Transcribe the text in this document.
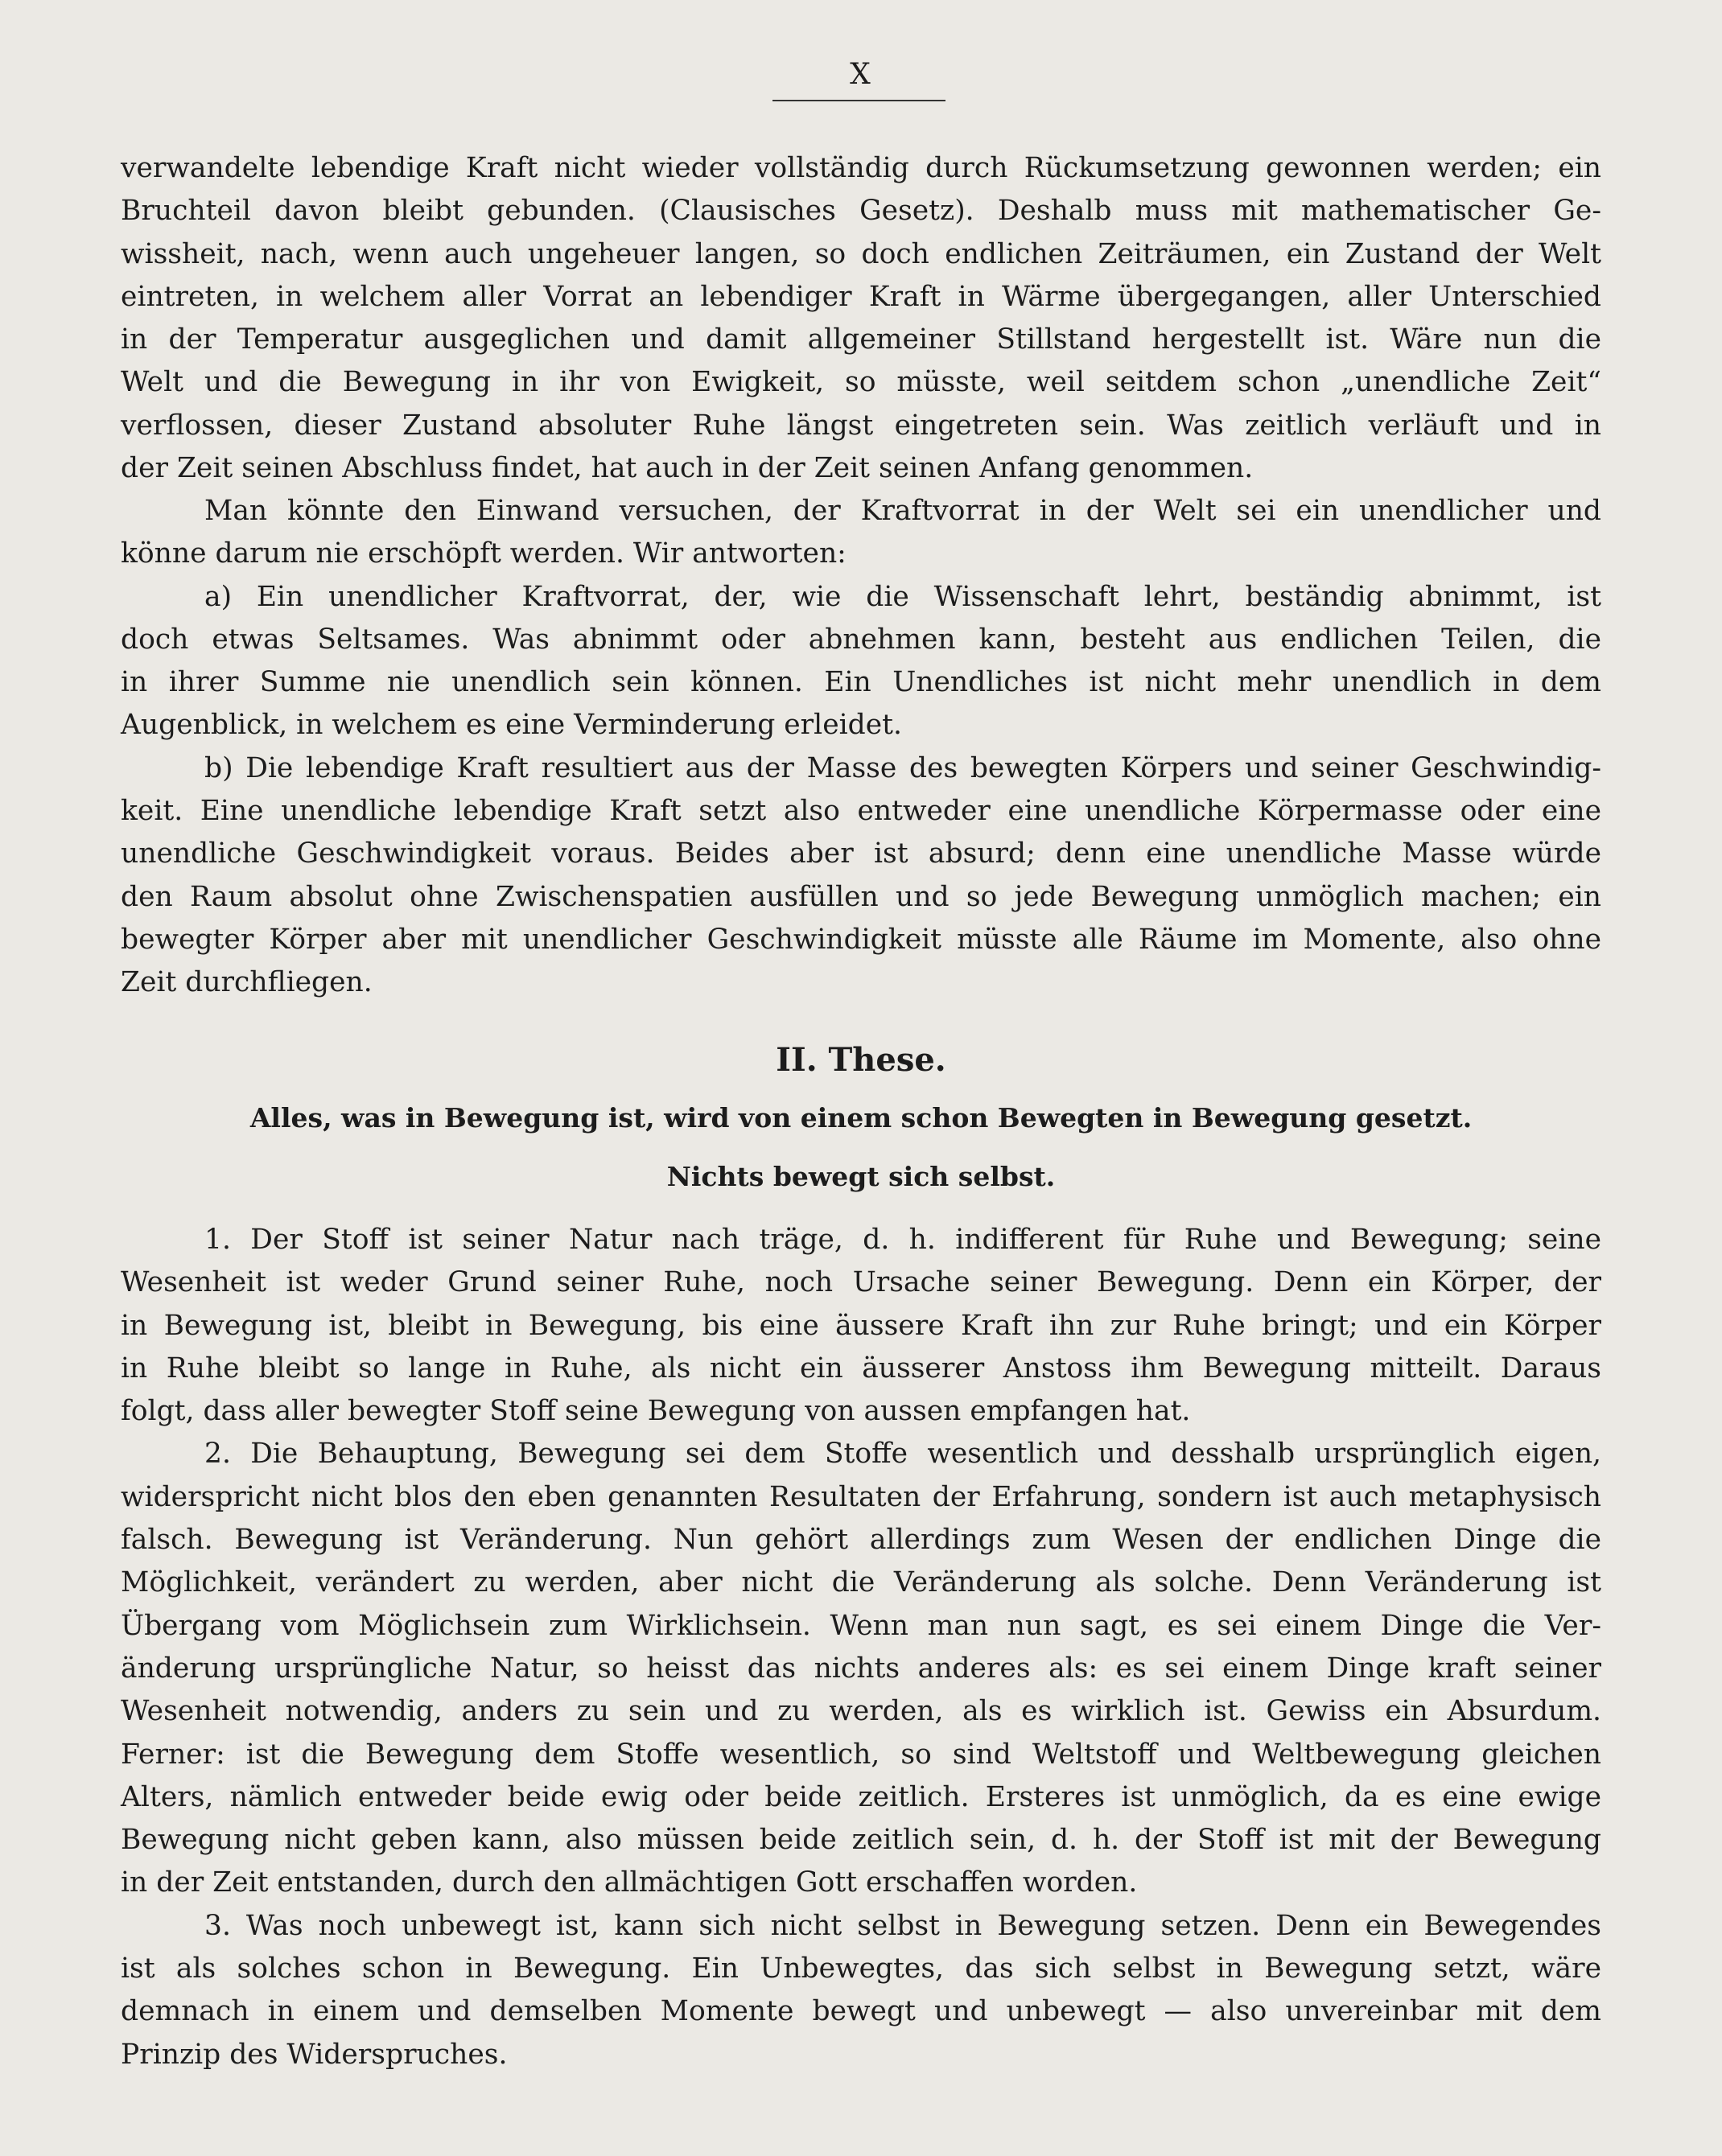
X
verwandelte lebendige Kraft nicht wieder vollständig durch Rückumsetzung gewonnen werden; ein
Bruchteil davon bleibt gebunden. (Clausisches Gesetz). Deshalb muss mit mathematischer Ge-
wissheit, nach, wenn auch ungeheuer langen, so doch endlichen Zeiträumen, ein Zustand der Welt
eintreten, in welchem aller Vorrat an lebendiger Kraft in Wärme übergegangen, aller Unterschied
in der Temperatur ausgeglichen und damit allgemeiner Stillstand hergestellt ist. Wäre nun die
Welt und die Bewegung in ihr von Ewigkeit, so müsste, weil seitdem schon „unendliche Zeit“
verflossen, dieser Zustand absoluter Ruhe längst eingetreten sein. Was zeitlich verläuft und in
der Zeit seinen Abschluss findet, hat auch in der Zeit seinen Anfang genommen.
Man könnte den Einwand versuchen, der Kraftvorrat in der Welt sei ein unendlicher und
könne darum nie erschöpft werden. Wir antworten:
a) Ein unendlicher Kraftvorrat, der, wie die Wissenschaft lehrt, beständig abnimmt, ist
doch etwas Seltsames. Was abnimmt oder abnehmen kann, besteht aus endlichen Teilen, die
in ihrer Summe nie unendlich sein können. Ein Unendliches ist nicht mehr unendlich in dem
Augenblick, in welchem es eine Verminderung erleidet.
b) Die lebendige Kraft resultiert aus der Masse des bewegten Körpers und seiner Geschwindig-
keit. Eine unendliche lebendige Kraft setzt also entweder eine unendliche Körpermasse oder eine
unendliche Geschwindigkeit voraus. Beides aber ist absurd; denn eine unendliche Masse würde
den Raum absolut ohne Zwischenspatien ausfüllen und so jede Bewegung unmöglich machen; ein
bewegter Körper aber mit unendlicher Geschwindigkeit müsste alle Räume im Momente, also ohne
Zeit durchfliegen.
II. These.
Alles, was in Bewegung ist, wird von einem schon Bewegten in Bewegung gesetzt.
Nichts bewegt sich selbst.
1. Der Stoff ist seiner Natur nach träge, d. h. indifferent für Ruhe und Bewegung; seine
Wesenheit ist weder Grund seiner Ruhe, noch Ursache seiner Bewegung. Denn ein Körper, der
in Bewegung ist, bleibt in Bewegung, bis eine äussere Kraft ihn zur Ruhe bringt; und ein Körper
in Ruhe bleibt so lange in Ruhe, als nicht ein äusserer Anstoss ihm Bewegung mitteilt. Daraus
folgt, dass aller bewegter Stoff seine Bewegung von aussen empfangen hat.
2. Die Behauptung, Bewegung sei dem Stoffe wesentlich und desshalb ursprünglich eigen,
widerspricht nicht blos den eben genannten Resultaten der Erfahrung, sondern ist auch metaphysisch
falsch. Bewegung ist Veränderung. Nun gehört allerdings zum Wesen der endlichen Dinge die
Möglichkeit, verändert zu werden, aber nicht die Veränderung als solche. Denn Veränderung ist
Übergang vom Möglichsein zum Wirklichsein. Wenn man nun sagt, es sei einem Dinge die Ver-
änderung ursprüngliche Natur, so heisst das nichts anderes als: es sei einem Dinge kraft seiner
Wesenheit notwendig, anders zu sein und zu werden, als es wirklich ist. Gewiss ein Absurdum.
Ferner: ist die Bewegung dem Stoffe wesentlich, so sind Weltstoff und Weltbewegung gleichen
Alters, nämlich entweder beide ewig oder beide zeitlich. Ersteres ist unmöglich, da es eine ewige
Bewegung nicht geben kann, also müssen beide zeitlich sein, d. h. der Stoff ist mit der Bewegung
in der Zeit entstanden, durch den allmächtigen Gott erschaffen worden.
3. Was noch unbewegt ist, kann sich nicht selbst in Bewegung setzen. Denn ein Bewegendes
ist als solches schon in Bewegung. Ein Unbewegtes, das sich selbst in Bewegung setzt, wäre
demnach in einem und demselben Momente bewegt und unbewegt — also unvereinbar mit dem
Prinzip des Widerspruches.
